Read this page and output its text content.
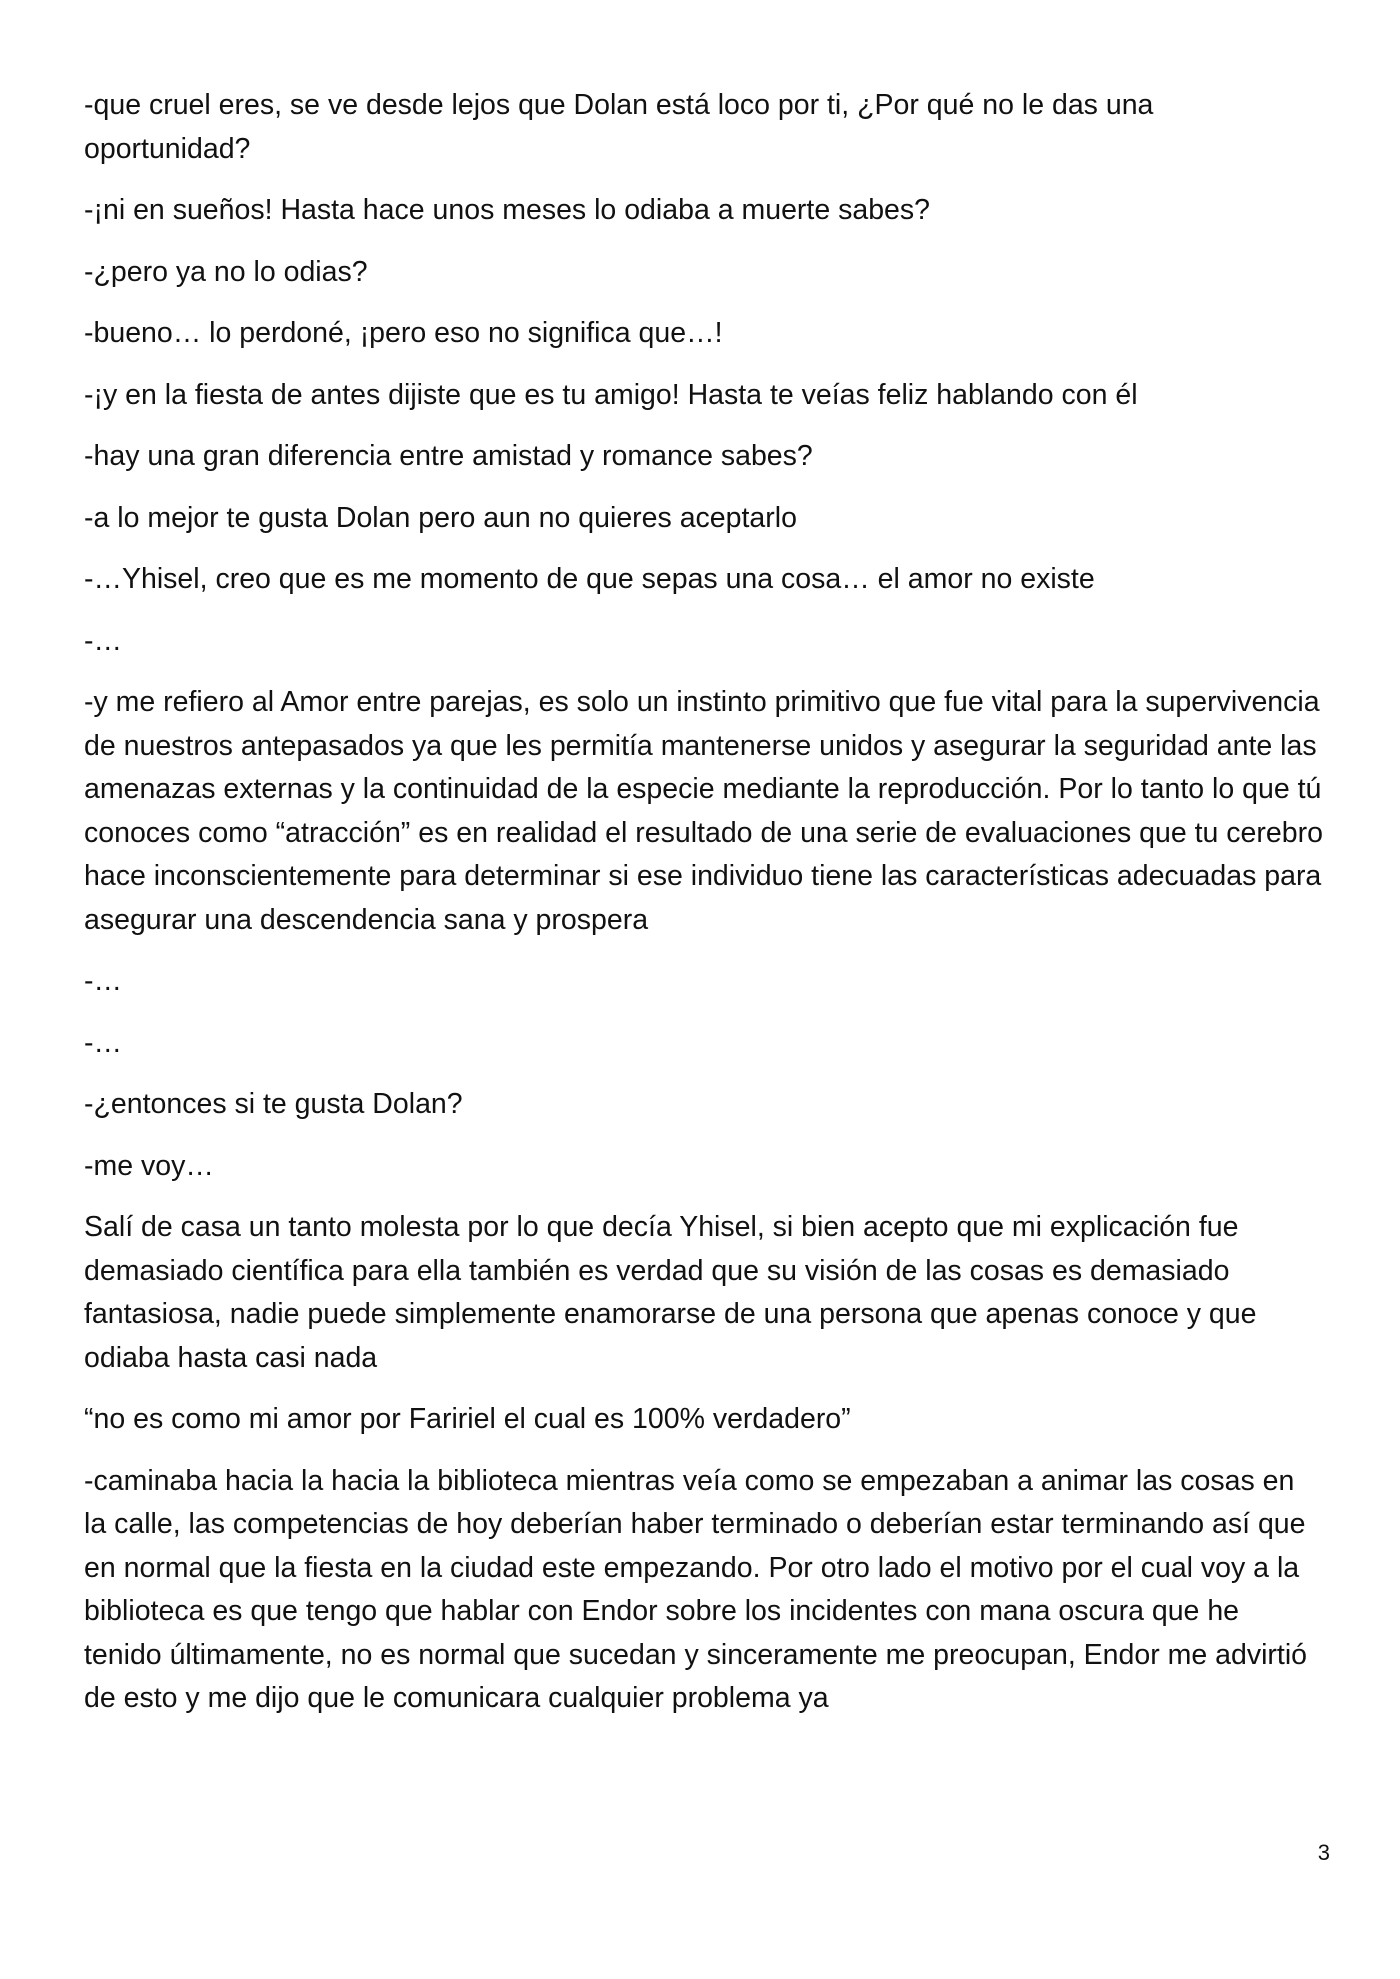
-que cruel eres, se ve desde lejos que Dolan está loco por ti, ¿Por qué no le das una oportunidad?

-¡ni en sueños! Hasta hace unos meses lo odiaba a muerte sabes?

-¿pero ya no lo odias?

-bueno… lo perdoné, ¡pero eso no significa que…!

-¡y en la fiesta de antes dijiste que es tu amigo! Hasta te veías feliz hablando con él

-hay una gran diferencia entre amistad y romance sabes?

-a lo mejor te gusta Dolan pero aun no quieres aceptarlo

-…Yhisel, creo que es me momento de que sepas una cosa… el amor no existe

-…

-y me refiero al Amor entre parejas, es solo un instinto primitivo que fue vital para la supervivencia de nuestros antepasados ya que les permitía mantenerse unidos y asegurar la seguridad ante las amenazas externas y la continuidad de la especie mediante la reproducción. Por lo tanto lo que tú conoces como “atracción” es en realidad el resultado de una serie de evaluaciones que tu cerebro hace inconscientemente para determinar si ese individuo tiene las características adecuadas para asegurar una descendencia sana y prospera

-…

-…

-¿entonces si te gusta Dolan?

-me voy…

Salí de casa un tanto molesta por lo que decía Yhisel, si bien acepto que mi explicación fue demasiado científica para ella también es verdad que su visión de las cosas es demasiado fantasiosa, nadie puede simplemente enamorarse de una persona que apenas conoce y que odiaba hasta casi nada

“no es como mi amor por Faririel el cual es 100% verdadero”

-caminaba hacia la hacia la biblioteca mientras veía como se empezaban a animar las cosas en la calle, las competencias de hoy deberían haber terminado o deberían estar terminando así que en normal que la fiesta en la ciudad este empezando. Por otro lado el motivo por el cual voy a la biblioteca es que tengo que hablar con Endor sobre los incidentes con mana oscura que he tenido últimamente, no es normal que sucedan y sinceramente me preocupan, Endor me advirtió de esto y me dijo que le comunicara cualquier problema ya

3
